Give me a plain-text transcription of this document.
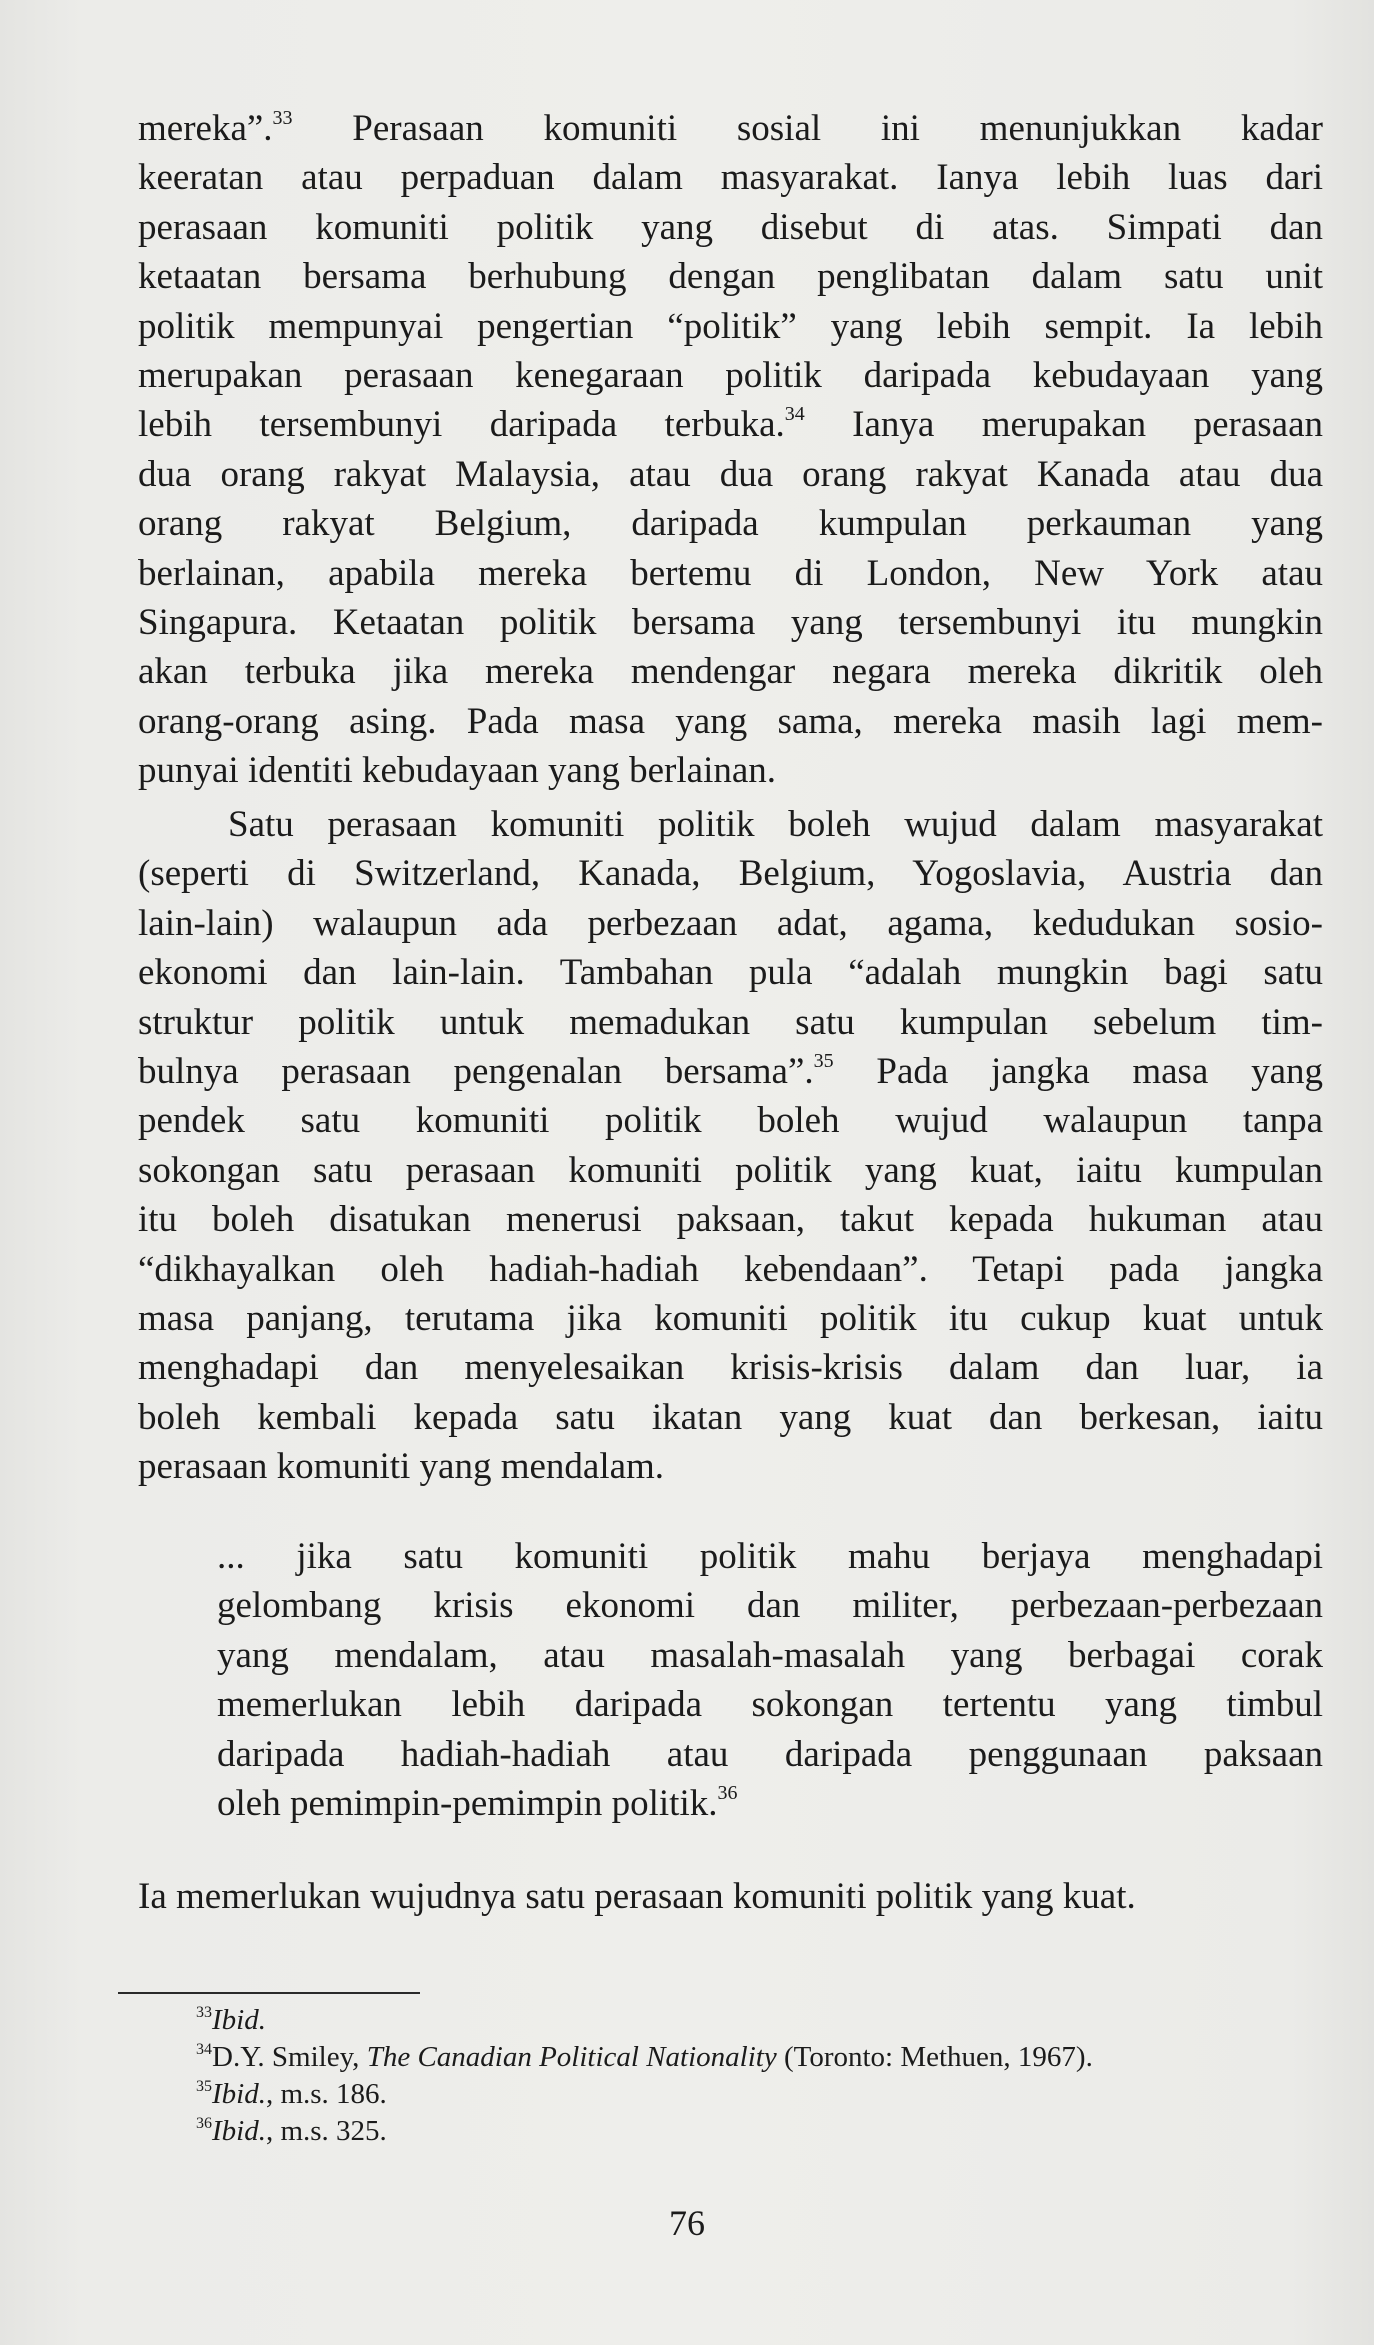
mereka”.$^{33}$ Perasaan komuniti sosial ini menunjukkan kadar
keeratan atau perpaduan dalam masyarakat. Ianya lebih luas dari
perasaan komuniti politik yang disebut di atas. Simpati dan
ketaatan bersama berhubung dengan penglibatan dalam satu unit
politik mempunyai pengertian “politik” yang lebih sempit. Ia lebih
merupakan perasaan kenegaraan politik daripada kebudayaan yang
lebih tersembunyi daripada terbuka.$^{34}$ Ianya merupakan perasaan
dua orang rakyat Malaysia, atau dua orang rakyat Kanada atau dua
orang rakyat Belgium, daripada kumpulan perkauman yang
berlainan, apabila mereka bertemu di London, New York atau
Singapura. Ketaatan politik bersama yang tersembunyi itu mungkin
akan terbuka jika mereka mendengar negara mereka dikritik oleh
orang-orang asing. Pada masa yang sama, mereka masih lagi mem-
punyai identiti kebudayaan yang berlainan.
Satu perasaan komuniti politik boleh wujud dalam masyarakat
(seperti di Switzerland, Kanada, Belgium, Yogoslavia, Austria dan
lain-lain) walaupun ada perbezaan adat, agama, kedudukan sosio-
ekonomi dan lain-lain. Tambahan pula “adalah mungkin bagi satu
struktur politik untuk memadukan satu kumpulan sebelum tim-
bulnya perasaan pengenalan bersama”.$^{35}$ Pada jangka masa yang
pendek satu komuniti politik boleh wujud walaupun tanpa
sokongan satu perasaan komuniti politik yang kuat, iaitu kumpulan
itu boleh disatukan menerusi paksaan, takut kepada hukuman atau
“dikhayalkan oleh hadiah-hadiah kebendaan”. Tetapi pada jangka
masa panjang, terutama jika komuniti politik itu cukup kuat untuk
menghadapi dan menyelesaikan krisis-krisis dalam dan luar, ia
boleh kembali kepada satu ikatan yang kuat dan berkesan, iaitu
perasaan komuniti yang mendalam.
... jika satu komuniti politik mahu berjaya menghadapi
gelombang krisis ekonomi dan militer, perbezaan-perbezaan
yang mendalam, atau masalah-masalah yang berbagai corak
memerlukan lebih daripada sokongan tertentu yang timbul
daripada hadiah-hadiah atau daripada penggunaan paksaan
oleh pemimpin-pemimpin politik.$^{36}$
Ia memerlukan wujudnya satu perasaan komuniti politik yang kuat.
$^{33}$Ibid.
$^{34}$D.Y. Smiley, The Canadian Political Nationality (Toronto: Methuen, 1967).
$^{35}$Ibid., m.s. 186.
$^{36}$Ibid., m.s. 325.
76
